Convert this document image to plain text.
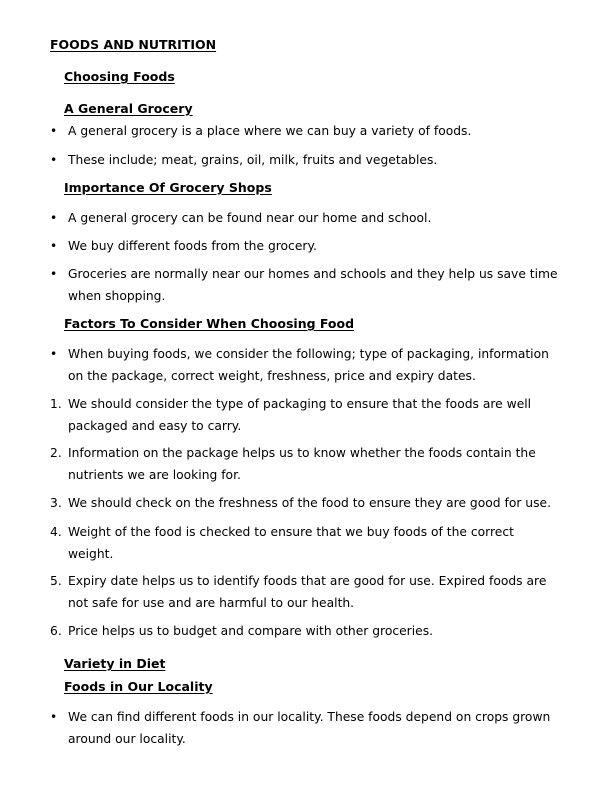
FOODS AND NUTRITION
Choosing Foods
A General Grocery
• A general grocery is a place where we can buy a variety of foods.
• These include; meat, grains, oil, milk, fruits and vegetables.
Importance Of Grocery Shops
• A general grocery can be found near our home and school.
• We buy different foods from the grocery.
• Groceries are normally near our homes and schools and they help us save time when shopping.
Factors To Consider When Choosing Food
• When buying foods, we consider the following; type of packaging, information on the package, correct weight, freshness, price and expiry dates.
1. We should consider the type of packaging to ensure that the foods are well packaged and easy to carry.
2. Information on the package helps us to know whether the foods contain the nutrients we are looking for.
3. We should check on the freshness of the food to ensure they are good for use.
4. Weight of the food is checked to ensure that we buy foods of the correct weight.
5. Expiry date helps us to identify foods that are good for use. Expired foods are not safe for use and are harmful to our health.
6. Price helps us to budget and compare with other groceries.
Variety in Diet
Foods in Our Locality
• We can find different foods in our locality. These foods depend on crops grown around our locality.
